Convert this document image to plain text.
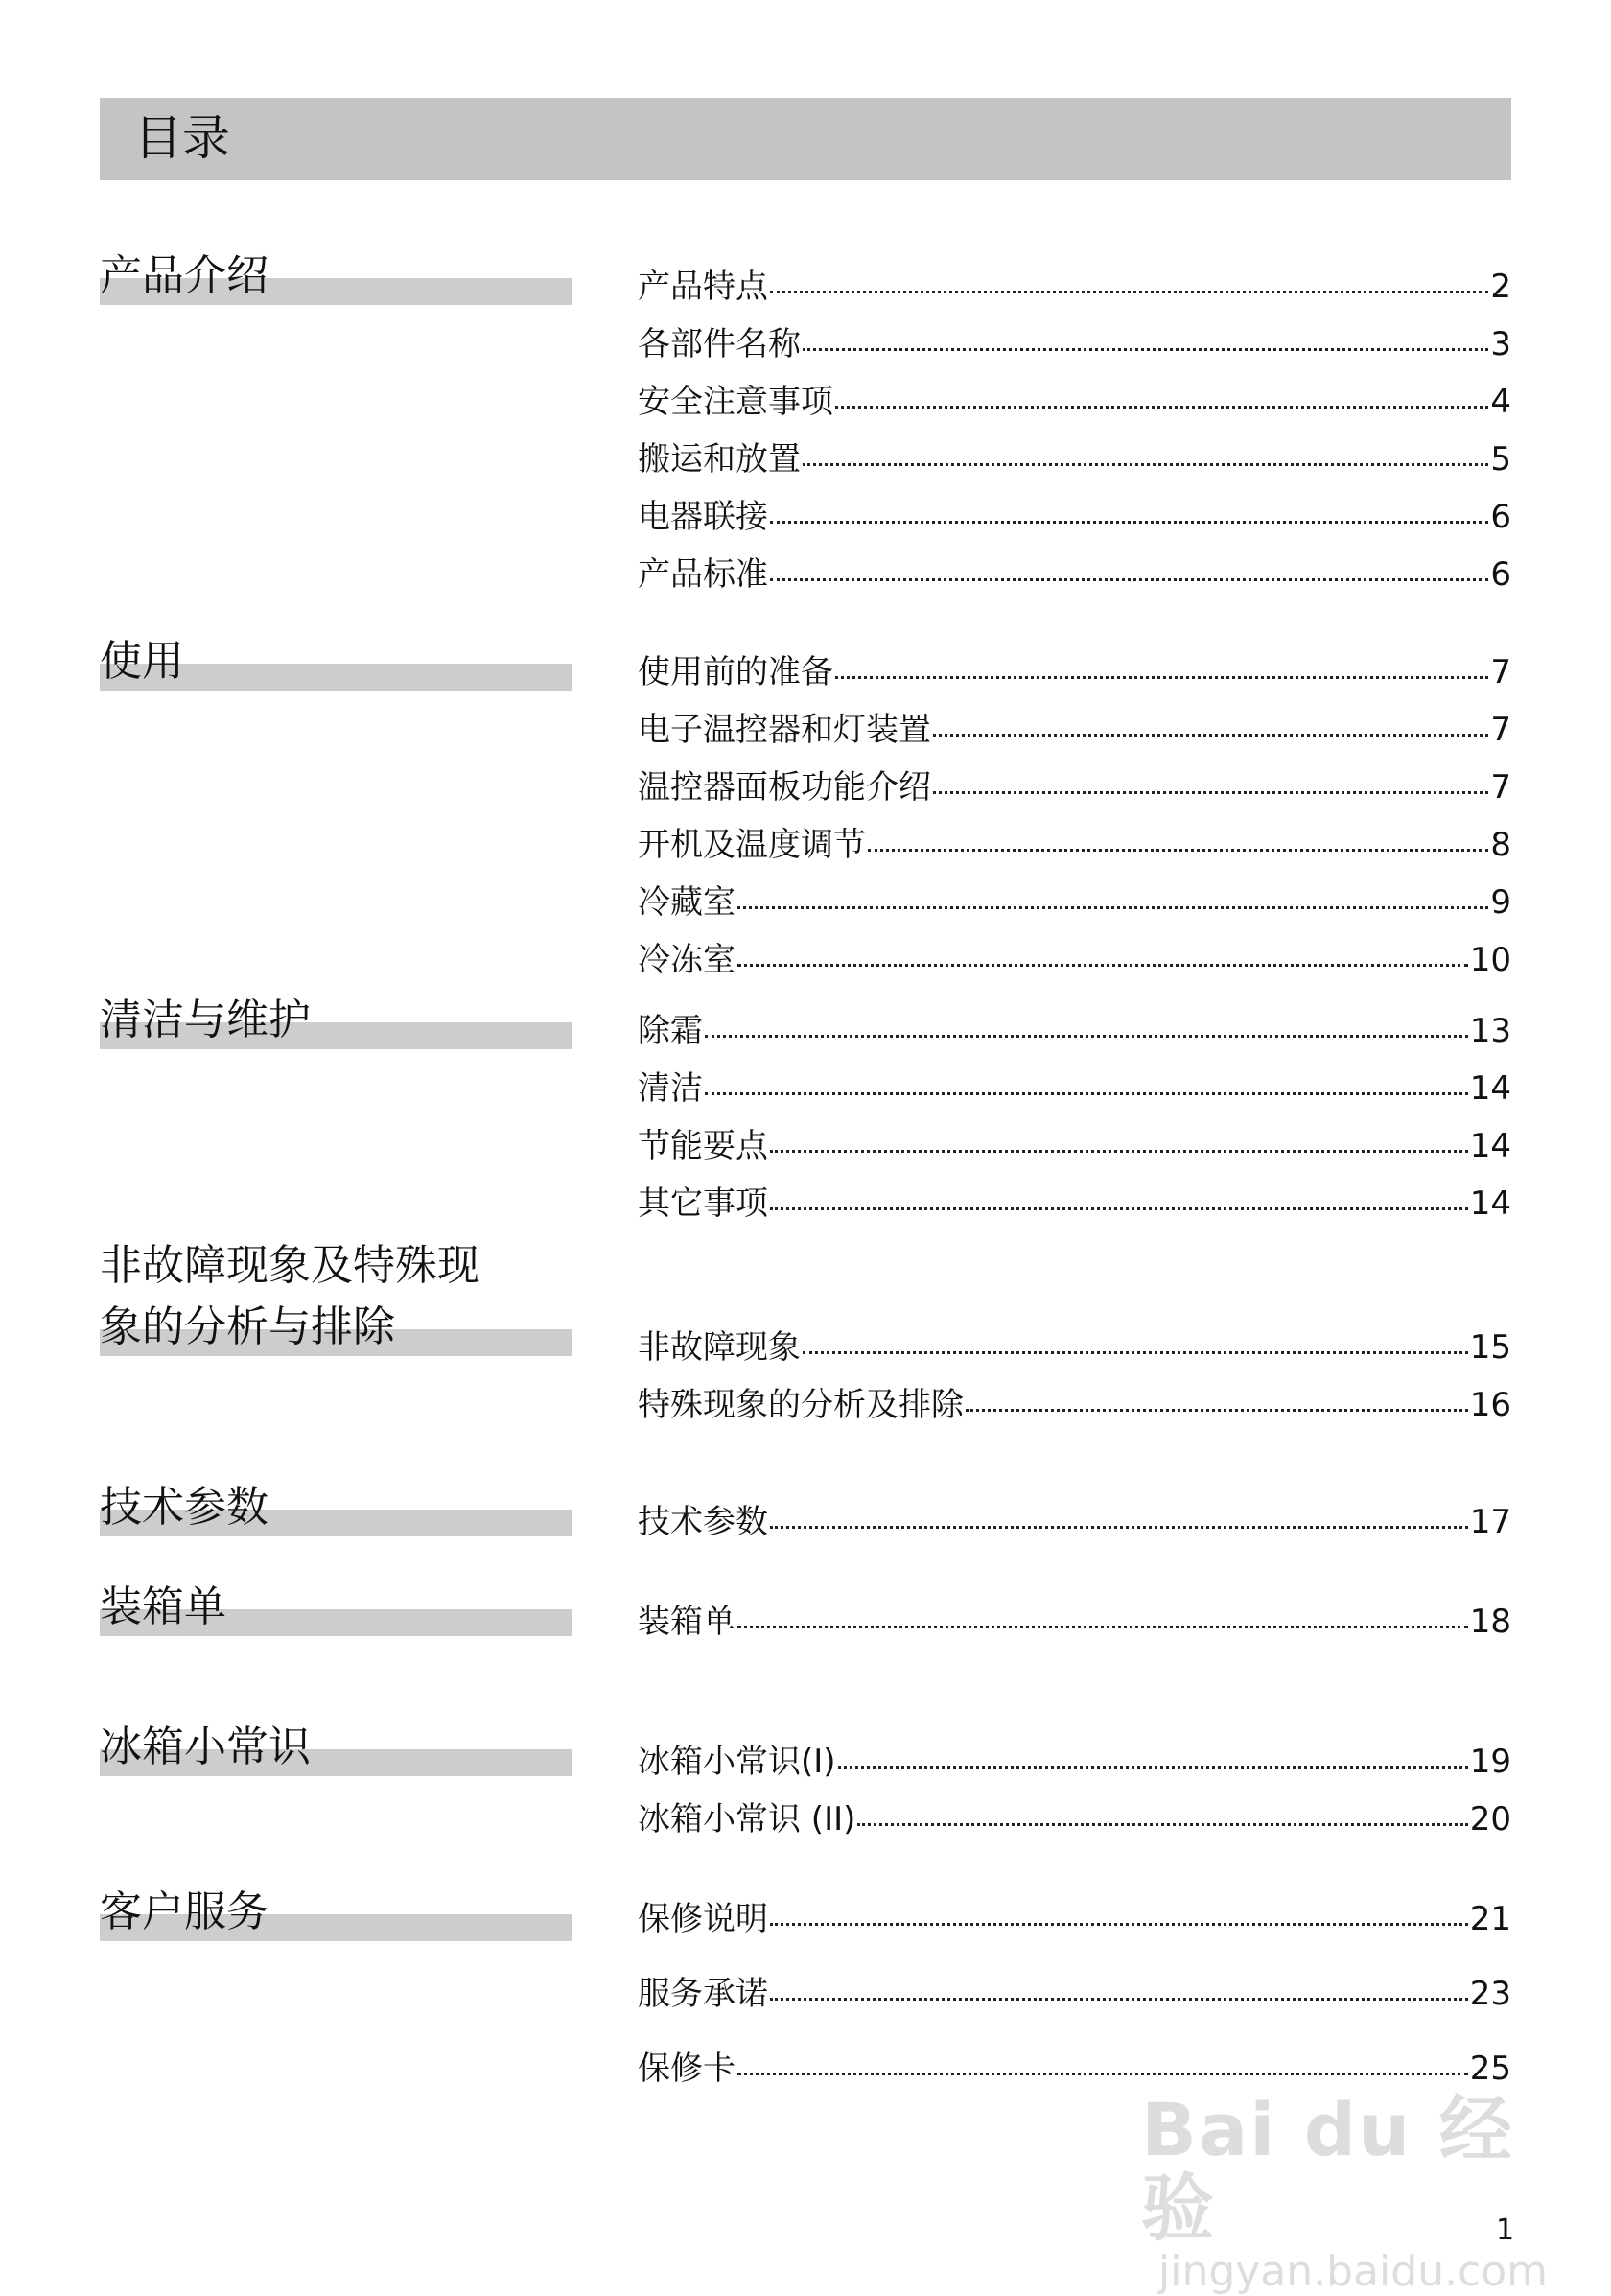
目录
产品介绍	产品特点	2
各部件名称	3
安全注意事项	4
搬运和放置	5
电器联接	6
产品标准	6
使用	使用前的准备	7
电子温控器和灯装置	7
温控器面板功能介绍	7
开机及温度调节	8
冷藏室	9
冷冻室	10
清洁与维护	除霜	13
清洁	14
节能要点	14
其它事项	14
非故障现象及特殊现
象的分析与排除	非故障现象	15
特殊现象的分析及排除	16
技术参数	技术参数	17
装箱单	装箱单	18
冰箱小常识	冰箱小常识(I)	19
冰箱小常识 (II)	20
客户服务	保修说明	21
服务承诺	23
保修卡	25
Bai du 经验
jingyan.baidu.com
1
